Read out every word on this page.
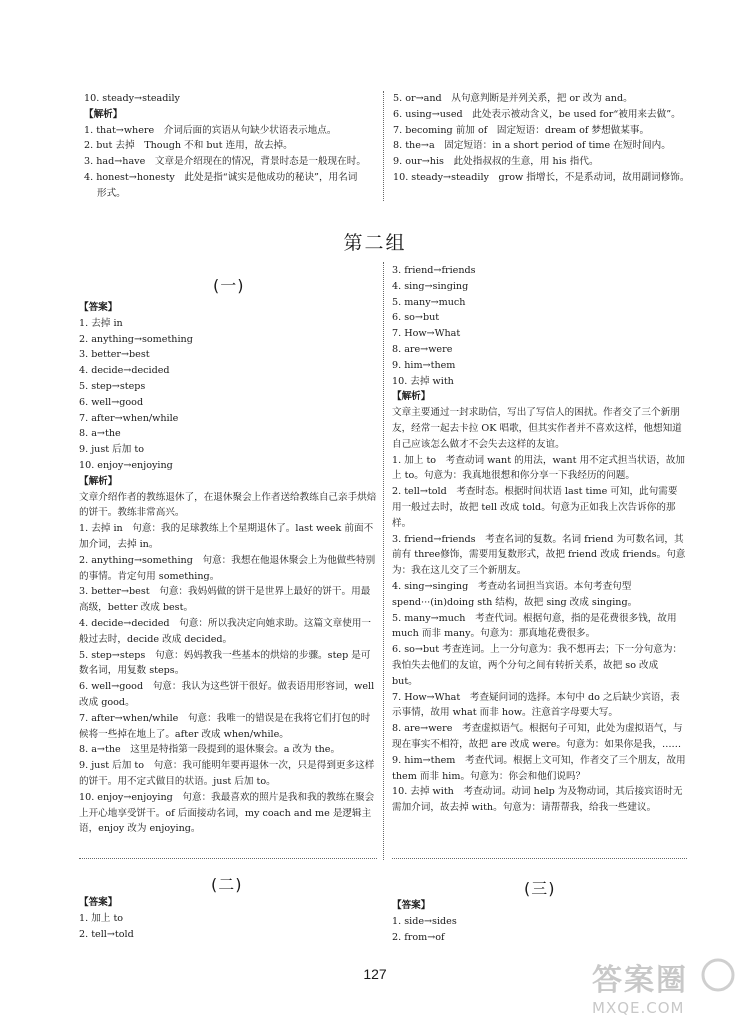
10. steady→steadily

【解析】

1. that→where　介词后面的宾语从句缺少状语表示地点。

2. but 去掉　Though 不和 but 连用，故去掉。

3. had→have　文章是介绍现在的情况，背景时态是一般现在时。

4. honest→honesty　此处是指“诚实是他成功的秘诀”，用名词

形式。

5. or→and　从句意判断是并列关系，把 or 改为 and。

6. using→used　此处表示被动含义，be used for“被用来去做”。

7. becoming 前加 of　固定短语：dream of 梦想做某事。

8. the→a　固定短语：in a short period of time 在短时间内。

9. our→his　此处指叔叔的生意，用 his 指代。

10. steady→steadily　grow 指增长，不是系动词，故用副词修饰。

第二组
(一)

【答案】

1. 去掉 in

2. anything→something

3. better→best

4. decide→decided

5. step→steps

6. well→good

7. after→when/while

8. a→the

9. just 后加 to

10. enjoy→enjoying

【解析】

文章介绍作者的教练退休了，在退休聚会上作者送给教练自己亲手烘焙的饼干。教练非常高兴。

1. 去掉 in　句意：我的足球教练上个星期退休了。last week 前面不加介词，去掉 in。

2. anything→something　句意：我想在他退休聚会上为他做些特别的事情。肯定句用 something。

3. better→best　句意：我妈妈做的饼干是世界上最好的饼干。用最高级，better 改成 best。

4. decide→decided　句意：所以我决定向她求助。这篇文章使用一般过去时，decide 改成 decided。

5. step→steps　句意：妈妈教我一些基本的烘焙的步骤。step 是可数名词，用复数 steps。

6. well→good　句意：我认为这些饼干很好。做表语用形容词，well 改成 good。

7. after→when/while　句意：我唯一的错误是在我将它们打包的时候将一些掉在地上了。after 改成 when/while。

8. a→the　这里是特指第一段提到的退休聚会。a 改为 the。

9. just 后加 to　句意：我可能明年要再退休一次，只是得到更多这样的饼干。用不定式做目的状语。just 后加 to。

10. enjoy→enjoying　句意：我最喜欢的照片是我和我的教练在聚会上开心地享受饼干。of 后面接动名词，my coach and me 是逻辑主语，enjoy 改为 enjoying。

3. friend→friends

4. sing→singing

5. many→much

6. so→but

7. How→What

8. are→were

9. him→them

10. 去掉 with

【解析】

文章主要通过一封求助信，写出了写信人的困扰。作者交了三个新朋友，经常一起去卡拉 OK 唱歌，但其实作者并不喜欢这样，他想知道自己应该怎么做才不会失去这样的友谊。

1. 加上 to　考查动词 want 的用法，want 用不定式担当状语，故加上 to。句意为：我真地很想和你分享一下我经历的问题。

2. tell→told　考查时态。根据时间状语 last time 可知，此句需要用一般过去时，故把 tell 改成 told。句意为正如我上次告诉你的那样。

3. friend→friends　考查名词的复数。名词 friend 为可数名词，其前有 three修饰，需要用复数形式，故把 friend 改成 friends。句意为：我在这儿交了三个新朋友。

4. sing→singing　考查动名词担当宾语。本句考查句型 spend···(in)doing sth 结构，故把 sing 改成 singing。

5. many→much　考查代词。根据句意，指的是花费很多钱，故用 much 而非 many。句意为：那真地花费很多。

6. so→but 考查连词。上一分句意为：我不想再去；下一分句意为：我怕失去他们的友谊，两个分句之间有转折关系，故把 so 改成 but。

7. How→What　考查疑问词的选择。本句中 do 之后缺少宾语，表示事情，故用 what 而非 how。注意首字母要大写。

8. are→were　考查虚拟语气。根据句子可知，此处为虚拟语气，与现在事实不相符，故把 are 改成 were。句意为：如果你是我，……

9. him→them　考查代词。根据上文可知，作者交了三个朋友，故用 them 而非 him。句意为：你会和他们说吗？

10. 去掉 with　考查动词。动词 help 为及物动词，其后接宾语时无需加介词，故去掉 with。句意为：请帮帮我，给我一些建议。

(二)	(三)

【答案】

1. 加上 to

2. tell→told

【答案】

1. side→sides

2. from→of

127	答案圈
MXQE.COM
